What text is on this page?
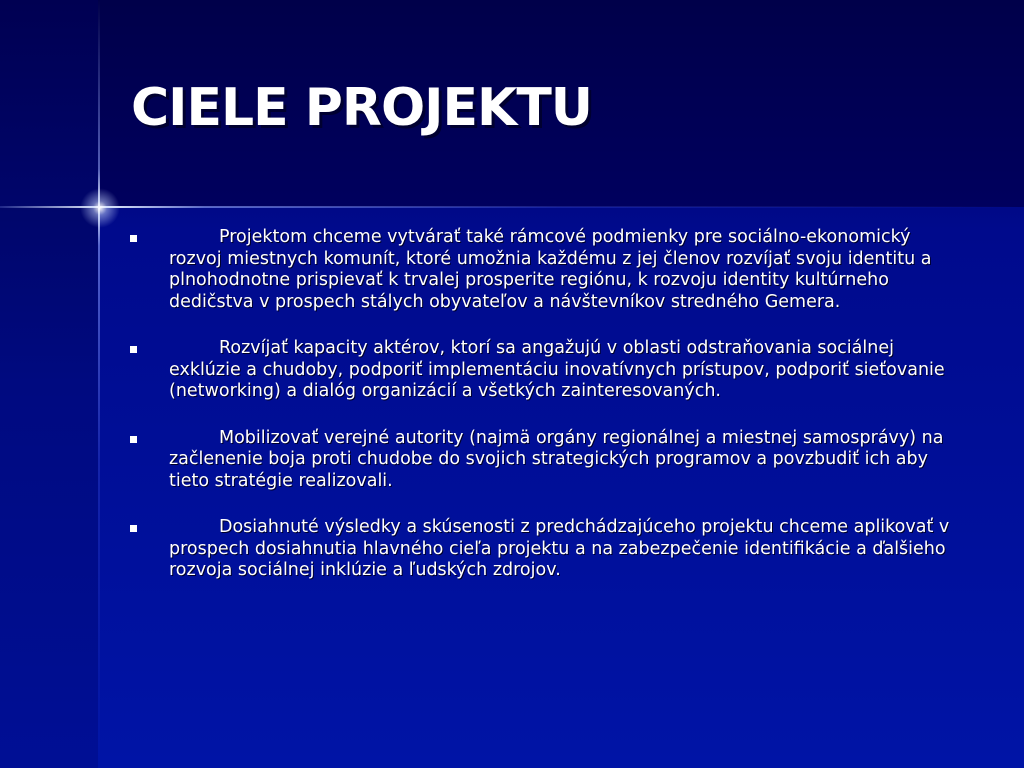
CIELE PROJEKTU
Projektom chceme vytvárať také rámcové podmienky pre sociálno-ekonomický rozvoj miestnych komunít, ktoré umožnia každému z jej členov rozvíjať svoju identitu a plnohodnotne prispievať k trvalej prosperite regiónu, k rozvoju identity kultúrneho dedičstva v prospech stálych obyvateľov a návštevníkov stredného Gemera.
Rozvíjať kapacity aktérov, ktorí sa angažujú v oblasti odstraňovania sociálnej exklúzie a chudoby, podporiť implementáciu inovatívnych prístupov, podporiť sieťovanie (networking) a dialóg organizácií a všetkých zainteresovaných.
Mobilizovať verejné autority (najmä orgány regionálnej a miestnej samosprávy) na začlenenie boja proti chudobe do svojich strategických programov a povzbudiť ich aby tieto stratégie realizovali.
Dosiahnuté výsledky a skúsenosti z predchádzajúceho projektu chceme aplikovať v prospech dosiahnutia hlavného cieľa projektu a na zabezpečenie identifikácie a ďalšieho rozvoja sociálnej inklúzie a ľudských zdrojov.
